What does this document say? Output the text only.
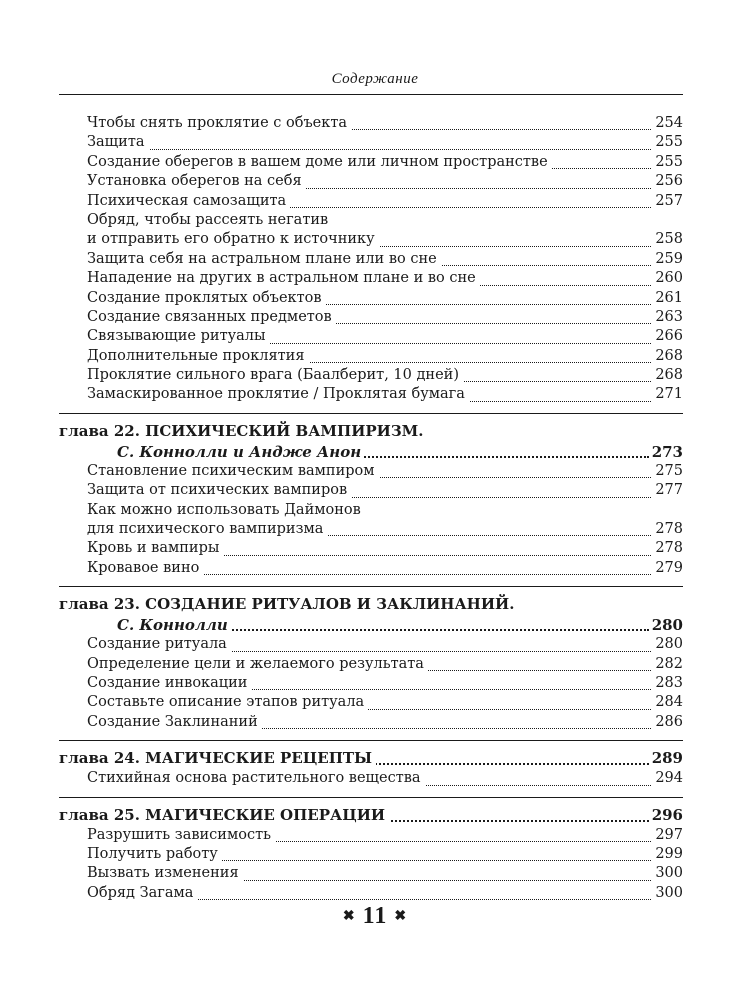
Содержание
Чтобы снять проклятие с объекта	254
Защита	255
Создание оберегов в вашем доме или личном пространстве	255
Установка оберегов на себя	256
Психическая самозащита	257
Обряд, чтобы рассеять негатив
и отправить его обратно к источнику	258
Защита себя на астральном плане или во сне	259
Нападение на других в астральном плане и во сне	260
Создание проклятых объектов	261
Создание связанных предметов	263
Связывающие ритуалы	266
Дополнительные проклятия	268
Проклятие сильного врага (Баалберит, 10 дней)	268
Замаскированное проклятие / Проклятая бумага	271
глава 22. ПСИХИЧЕСКИЙ ВАМПИРИЗМ.
С. Коннолли и Андже Анон	273
Становление психическим вампиром	275
Защита от психических вампиров	277
Как можно использовать Даймонов
для психического вампиризма	278
Кровь и вампиры	278
Кровавое вино	279
глава 23. СОЗДАНИЕ РИТУАЛОВ И ЗАКЛИНАНИЙ.
С. Коннолли	280
Создание ритуала	280
Определение цели и желаемого результата	282
Создание инвокации	283
Составьте описание этапов ритуала	284
Создание Заклинаний	286
глава 24. МАГИЧЕСКИЕ РЕЦЕПТЫ	289
Стихийная основа растительного вещества	294
глава 25. МАГИЧЕСКИЕ ОПЕРАЦИИ	296
Разрушить зависимость	297
Получить работу	299
Вызвать изменения	300
Обряд Загама	300
✖ 11 ✖
